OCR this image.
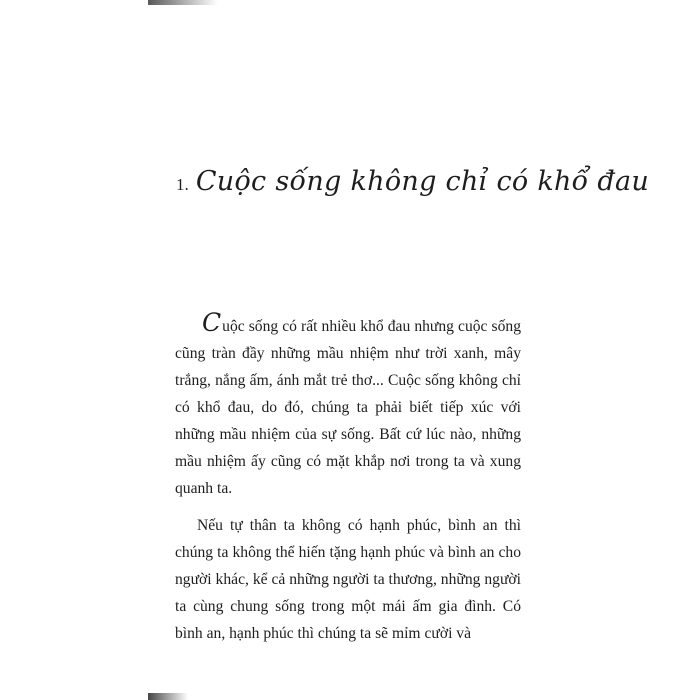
1. Cuộc sống không chỉ có khổ đau

Cuộc sống có rất nhiều khổ đau nhưng cuộc sống cũng tràn đầy những mầu nhiệm như trời xanh, mây trắng, nắng ấm, ánh mắt trẻ thơ... Cuộc sống không chỉ có khổ đau, do đó, chúng ta phải biết tiếp xúc với những mầu nhiệm của sự sống. Bất cứ lúc nào, những mầu nhiệm ấy cũng có mặt khắp nơi trong ta và xung quanh ta.

Nếu tự thân ta không có hạnh phúc, bình an thì chúng ta không thể hiến tặng hạnh phúc và bình an cho người khác, kể cả những người ta thương, những người ta cùng chung sống trong một mái ấm gia đình. Có bình an, hạnh phúc thì chúng ta sẽ mỉm cười và
